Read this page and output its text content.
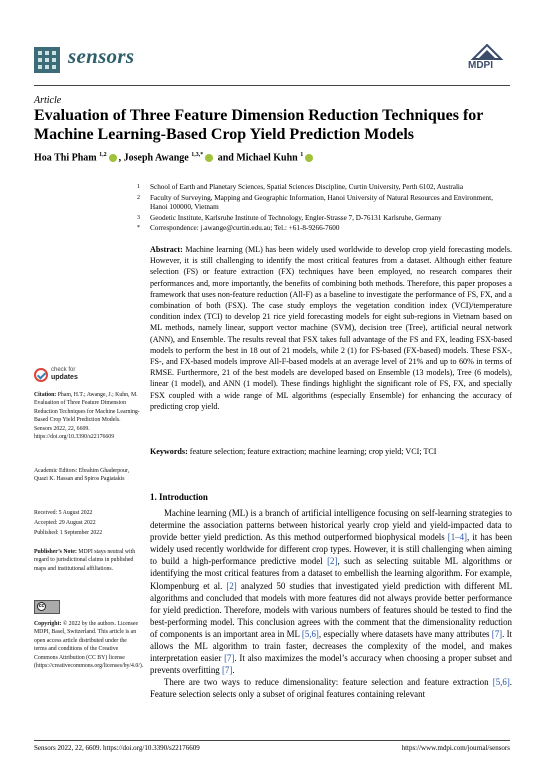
sensors	MDPI
Article
Evaluation of Three Feature Dimension Reduction Techniques for Machine Learning-Based Crop Yield Prediction Models
Hoa Thi Pham $^{1,2}$ , Joseph Awange $^{1,3,*}$ and Michael Kuhn $^1$
1 School of Earth and Planetary Sciences, Spatial Sciences Discipline, Curtin University, Perth 6102, Australia
2 Faculty of Surveying, Mapping and Geographic Information, Hanoi University of Natural Resources and Environment, Hanoi 100000, Vietnam
3 Geodetic Institute, Karlsruhe Institute of Technology, Engler-Strasse 7, D-76131 Karlsruhe, Germany
* Correspondence: j.awange@curtin.edu.au; Tel.: +61-8-9266-7600
Abstract: Machine learning (ML) has been widely used worldwide to develop crop yield forecasting models. However, it is still challenging to identify the most critical features from a dataset. Although either feature selection (FS) or feature extraction (FX) techniques have been employed, no research compares their performances and, more importantly, the benefits of combining both methods. Therefore, this paper proposes a framework that uses non-feature reduction (All-F) as a baseline to investigate the performance of FS, FX, and a combination of both (FSX). The case study employs the vegetation condition index (VCI)/temperature condition index (TCI) to develop 21 rice yield forecasting models for eight sub-regions in Vietnam based on ML methods, namely linear, support vector machine (SVM), decision tree (Tree), artificial neural network (ANN), and Ensemble. The results reveal that FSX takes full advantage of the FS and FX, leading FSX-based models to perform the best in 18 out of 21 models, while 2 (1) for FS-based (FX-based) models. These FSX-, FS-, and FX-based models improve All-F-based models at an average level of 21% and up to 60% in terms of RMSE. Furthermore, 21 of the best models are developed based on Ensemble (13 models), Tree (6 models), linear (1 model), and ANN (1 model). These findings highlight the significant role of FS, FX, and specially FSX coupled with a wide range of ML algorithms (especially Ensemble) for enhancing the accuracy of predicting crop yield.
Keywords: feature selection; feature extraction; machine learning; crop yield; VCI; TCI
check for
updates
Citation: Pham, H.T.; Awange, J.; Kuhn, M. Evaluation of Three Feature Dimension Reduction Techniques for Machine Learning-Based Crop Yield Prediction Models. Sensors 2022, 22, 6609. https://doi.org/10.3390/s22176609
Academic Editors: Ebrahim Ghaderpour, Quazi K. Hassan and Spiros Pagiatakis
Received: 5 August 2022
Accepted: 29 August 2022
Published: 1 September 2022
Publisher’s Note: MDPI stays neutral with regard to jurisdictional claims in published maps and institutional affiliations.
cc
Copyright: © 2022 by the authors. Licensee MDPI, Basel, Switzerland. This article is an open access article distributed under the terms and conditions of the Creative Commons Attribution (CC BY) license (https://creativecommons.org/licenses/by/4.0/).
1. Introduction

Machine learning (ML) is a branch of artificial intelligence focusing on self-learning strategies to determine the association patterns between historical yearly crop yield and yield-impacted data to provide better yield prediction. As this method outperformed biophysical models [1–4], it has been widely used recently worldwide for different crop types. However, it is still challenging when aiming to build a high-performance predictive model [2], such as selecting suitable ML algorithms or identifying the most critical features from a dataset to embellish the learning algorithm. For example, Klompenburg et al. [2] analyzed 50 studies that investigated yield prediction with different ML algorithms and concluded that models with more features did not always provide better performance for yield prediction. Therefore, models with various numbers of features should be tested to find the best-performing model. This conclusion agrees with the comment that the dimensionality reduction of components is an important area in ML [5,6], especially where datasets have many attributes [7]. It allows the ML algorithm to train faster, decreases the complexity of the model, and makes interpretation easier [7]. It also maximizes the model’s accuracy when choosing a proper subset and prevents overfitting [7].

There are two ways to reduce dimensionality: feature selection and feature extraction [5,6]. Feature selection selects only a subset of original features containing relevant

Sensors 2022, 22, 6609. https://doi.org/10.3390/s22176609	https://www.mdpi.com/journal/sensors
